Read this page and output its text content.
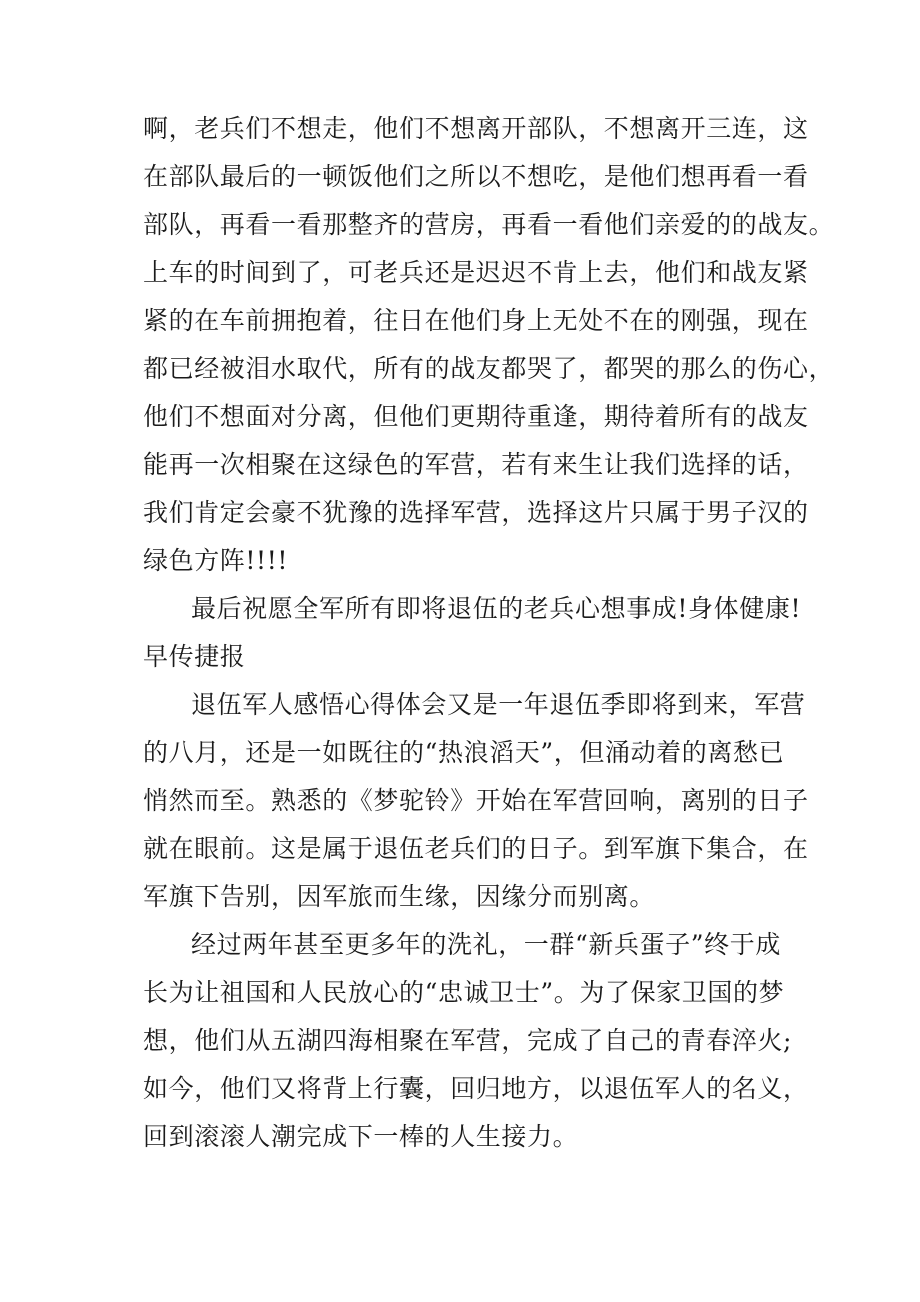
啊，老兵们不想走，他们不想离开部队，不想离开三连，这
在部队最后的一顿饭他们之所以不想吃，是他们想再看一看
部队，再看一看那整齐的营房，再看一看他们亲爱的的战友。
上车的时间到了，可老兵还是迟迟不肯上去，他们和战友紧
紧的在车前拥抱着，往日在他们身上无处不在的刚强，现在
都已经被泪水取代，所有的战友都哭了，都哭的那么的伤心，
他们不想面对分离，但他们更期待重逢，期待着所有的战友
能再一次相聚在这绿色的军营，若有来生让我们选择的话，
我们肯定会豪不犹豫的选择军营，选择这片只属于男子汉的
绿色方阵!!!!
最后祝愿全军所有即将退伍的老兵心想事成!身体健康!
早传捷报
退伍军人感悟心得体会又是一年退伍季即将到来，军营
的八月，还是一如既往的“热浪滔天”，但涌动着的离愁已
悄然而至。熟悉的《梦驼铃》开始在军营回响，离别的日子
就在眼前。这是属于退伍老兵们的日子。到军旗下集合，在
军旗下告别，因军旅而生缘，因缘分而别离。
经过两年甚至更多年的洗礼，一群“新兵蛋子”终于成
长为让祖国和人民放心的“忠诚卫士”。为了保家卫国的梦
想，他们从五湖四海相聚在军营，完成了自己的青春淬火;
如今，他们又将背上行囊，回归地方，以退伍军人的名义，
回到滚滚人潮完成下一棒的人生接力。
